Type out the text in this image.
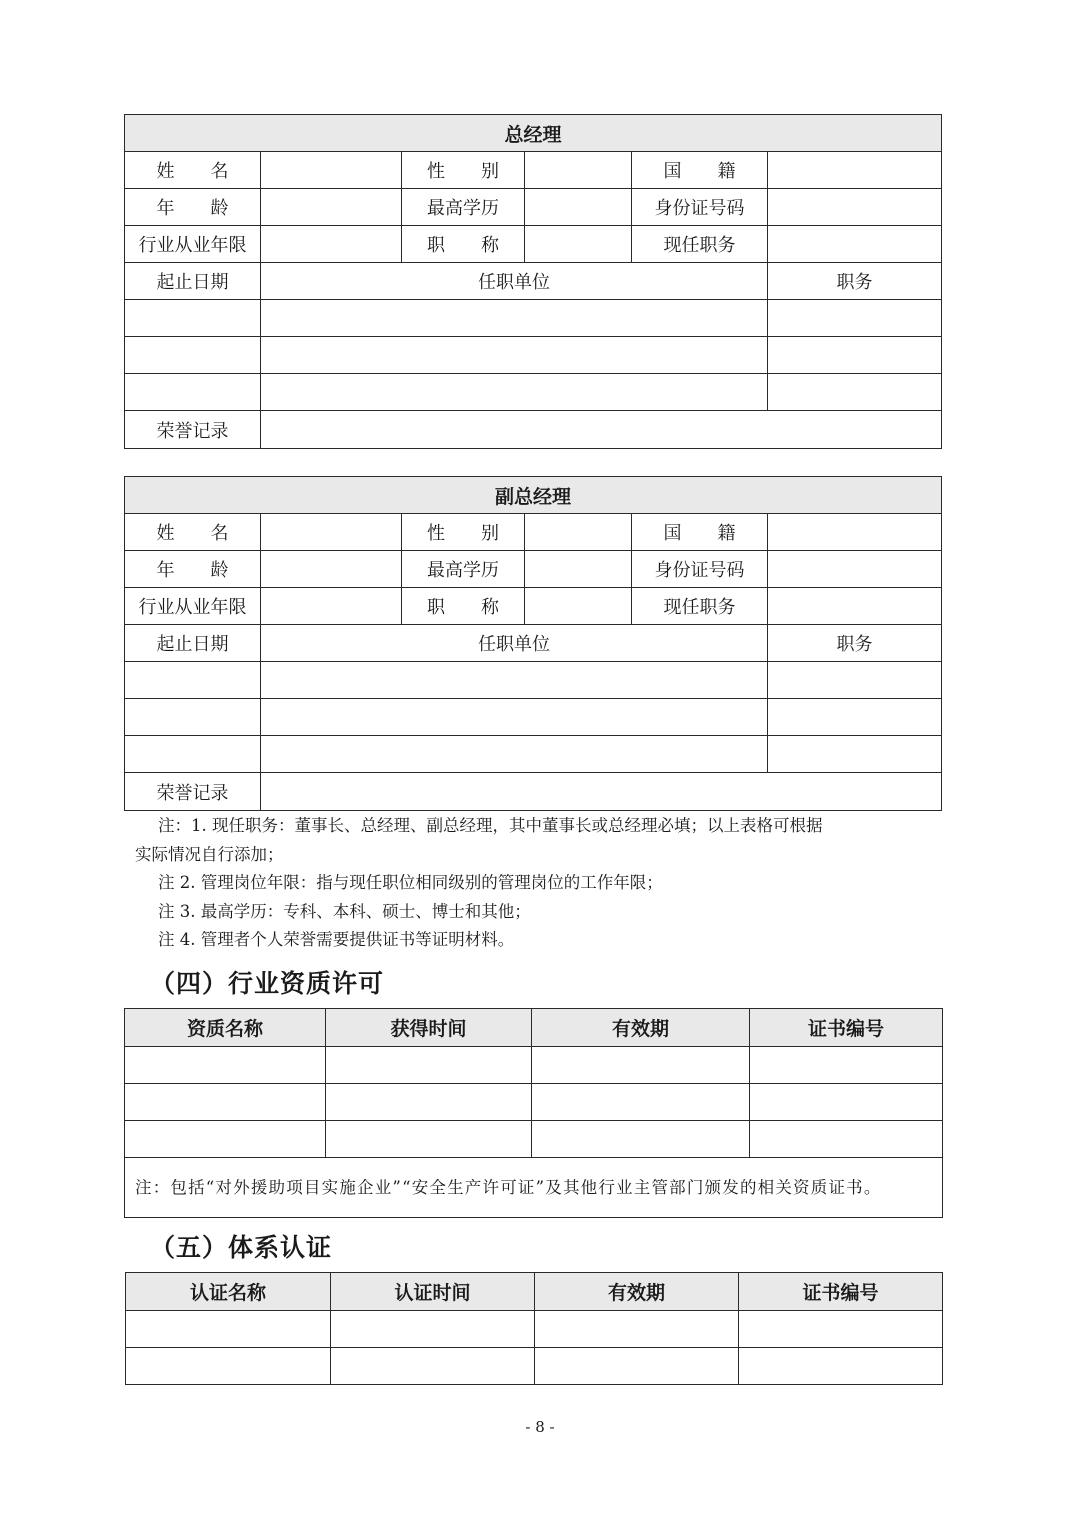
总经理					
姓　　名		性　　别		国　　籍	
年　　龄		最高学历		身份证号码	
行业从业年限		职　　称		现任职务	
起止日期	任职单位				职务

荣誉记录					
副总经理					
姓　　名		性　　别		国　　籍	
年　　龄		最高学历		身份证号码	
行业从业年限		职　　称		现任职务	
起止日期	任职单位				职务

荣誉记录					
注：1. 现任职务：董事长、总经理、副总经理，其中董事长或总经理必填；以上表格可根据
实际情况自行添加；
注 2. 管理岗位年限：指与现任职位相同级别的管理岗位的工作年限；
注 3. 最高学历：专科、本科、硕士、博士和其他；
注 4. 管理者个人荣誉需要提供证书等证明材料。
（四）行业资质许可
资质名称	获得时间	有效期	证书编号

注：包括“对外援助项目实施企业”“安全生产许可证”及其他行业主管部门颁发的相关资质证书。			
（五）体系认证
认证名称	认证时间	有效期	证书编号

- 8 -
